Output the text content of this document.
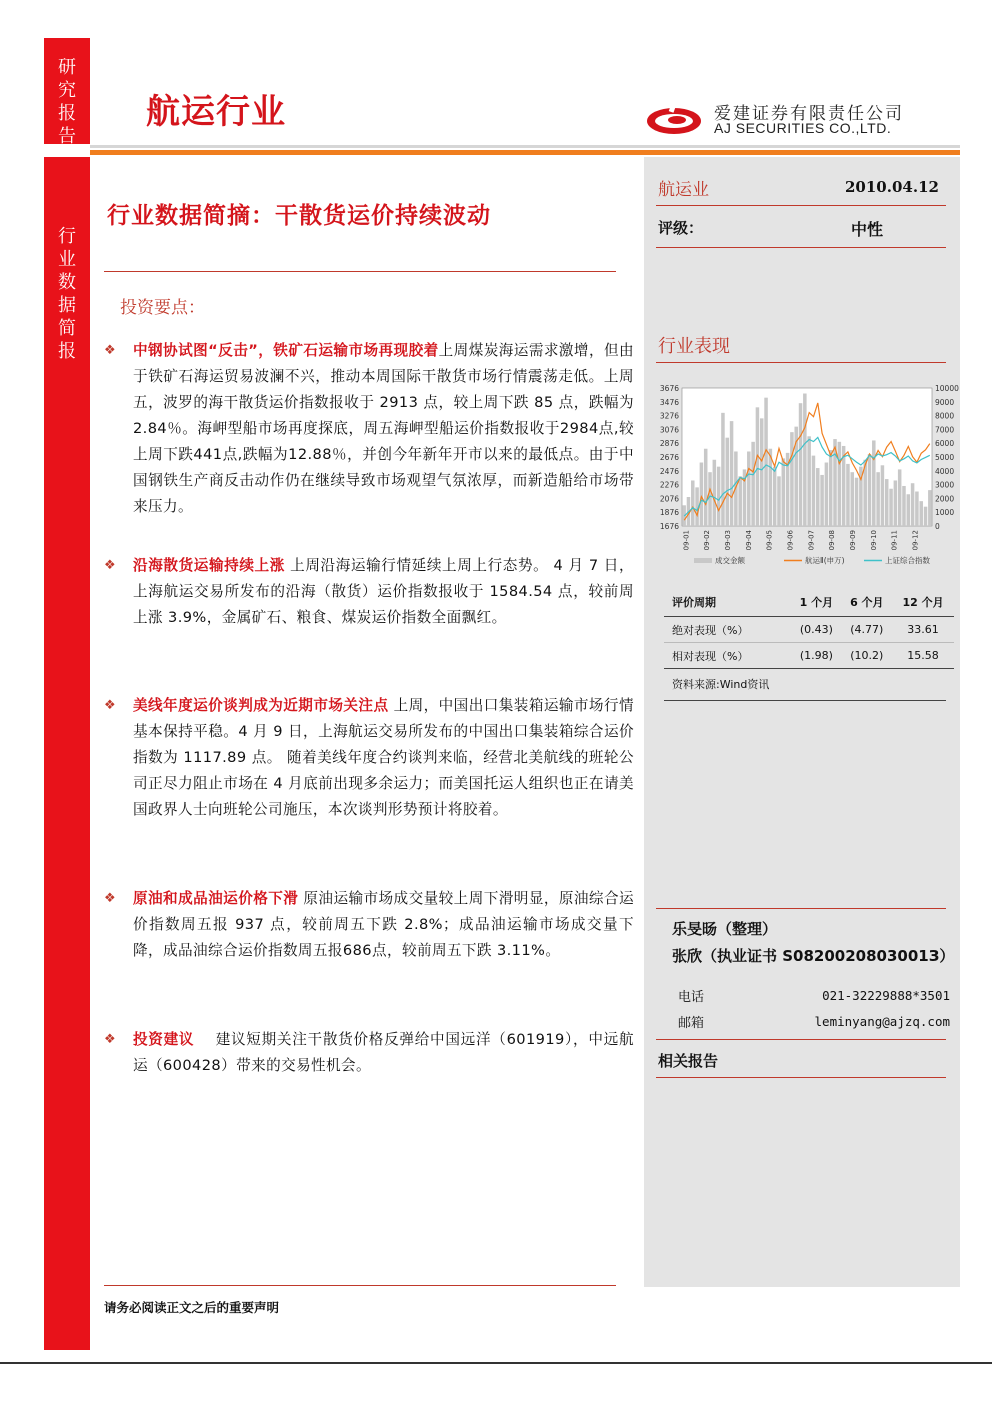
研
究
报
告
行
业
数
据
简
报
航运行业	爱建证券有限责任公司
AJ SECURITIES CO.,LTD.
航运业	2010.04.12
评级：	中性
行业表现
3676
3476
3276
3076
2876
2676
2476
2276
2076
1876
1676
10000
9000
8000
7000
6000
5000
4000
3000
2000
1000
0
09-01 09-02 09-03 09-04 09-05 09-06 09-07 09-08 09-09 09-10 09-11 09-12
成交金额	航运Ⅱ(申万)	上证综合指数
评价周期	1 个月	6 个月	12 个月
绝对表现（%）	(0.43)	(4.77)	33.61
相对表现（%）	(1.98)	(10.2)	15.58
资料来源:Wind资讯
乐旻旸（整理）
张欣（执业证书 S0820020803001З）
电话	021-32229888*3501
邮箱	leminyang@ajzq.com
相关报告
行业数据简摘：干散货运价持续波动
投资要点：
❖ 中钢协试图“反击”，铁矿石运输市场再现胶着上周煤炭海运需求激增，但由于铁矿石海运贸易波澜不兴，推动本周国际干散货市场行情震荡走低。上周五，波罗的海干散货运价指数报收于 2913 点，较上周下跌 85 点，跌幅为 2.84％。海岬型船市场再度探底，周五海岬型船运价指数报收于2984点,较上周下跌441点,跌幅为12.88％，并创今年新年开市以来的最低点。由于中国钢铁生产商反击动作仍在继续导致市场观望气氛浓厚，而新造船给市场带来压力。
❖ 沿海散货运输持续上涨 上周沿海运输行情延续上周上行态势。 4 月 7 日，上海航运交易所发布的沿海（散货）运价指数报收于 1584.54 点，较前周上涨 3.9%，金属矿石、粮食、煤炭运价指数全面飘红。
❖ 美线年度运价谈判成为近期市场关注点 上周，中国出口集装箱运输市场行情基本保持平稳。4 月 9 日，上海航运交易所发布的中国出口集装箱综合运价指数为 1117.89 点。 随着美线年度合约谈判来临，经营北美航线的班轮公司正尽力阻止市场在 4 月底前出现多余运力；而美国托运人组织也正在请美国政界人士向班轮公司施压，本次谈判形势预计将胶着。
❖ 原油和成品油运价格下滑 原油运输市场成交量较上周下滑明显，原油综合运价指数周五报 937 点，较前周五下跌 2.8%；成品油运输市场成交量下降，成品油综合运价指数周五报686点，较前周五下跌 3.11%。
❖ 投资建议 建议短期关注干散货价格反弹给中国远洋（601919），中远航运（600428）带来的交易性机会。
请务必阅读正文之后的重要声明
